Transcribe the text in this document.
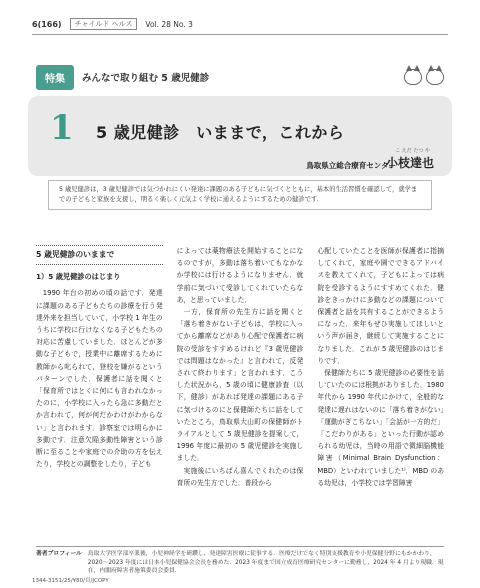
6(166)	チャイルド ヘルス	Vol. 28 No. 3
特集	みんなで取り組む 5 歳児健診
1 5 歳児健診　いままで，これから
こ えだ たつ や
鳥取県立総合療育センター
小枝達也
5 歳児健診は，3 歳児健診では気づかれにくい発達に課題のある子どもに気づくとともに，基本的生活習慣を確認して，就学までの子どもと家族を支援し，明るく楽しく元気よく学校に通えるようにするための健診です．
5 歳児健診のいままで
1）5 歳児健診のはじまり

1990 年台の初めの頃の話です．発達に課題のある子どもたちの診療を行う発達外来を担当していて，小学校 1 年生のうちに学校に行けなくなる子どもたちの対応に苦慮していました．ほとんどが多動な子どもで，授業中に離席するために教師から叱られて，登校を嫌がるというパターンでした．保護者に話を聞くと「保育所ではとくに何にも言われなかったのに，小学校に入ったら急に多動だとか言われて，何が何だかわけがわからない」と言われます．診察室では明らかに多動です．注意欠陥多動性障害という診断に至ることや家庭での介助の方を伝えたり，学校との調整をしたり，子ども

によっては薬物療法を開始することになるのですが，多動は落ち着いてもなかなか学校には行けるようになりません．就学前に気づいて受診してくれていたらなあ，と思っていました．

一方，保育所の先生方に話を聞くと「落ち着きがない子どもは，学校に入ってから離席などがあり心配で保護者に病院の受診をすすめるけれど『3 歳児健診では問題はなかった』と言われて，反発されて終わります」と言われます．こうした状況から，5 歳の頃に健康診査（以下，健診）があれば発達の課題にある子に気づけるのにと保健師たちに話をしていたところ，鳥取県大山町の保健師がトライアルとして 5 歳児健診を提案して，1996 年度に最初の 5 歳児健診を実施しました．

実施後にいちばん喜んでくれたのは保育所の先生方でした．普段から

心配していたことを医師が保護者に指摘してくれて，家庭や園でできるアドバイスを教えてくれて，子どもによっては病院を受診するようにすすめてくれた．健診をきっかけに多動などの課題について保護者と話を共有することができるようになった．来年もぜひ実施してほしいという声が届き，継続して実施することになりました．これが 5 歳児健診のはじまりです．

保健師たちに 5 歳児健診の必要性を話していたのには根拠がありました．1980 年代から 1990 年代にかけて，全般的な発達に遅れはないのに「落ち着きがない」「運動がぎこちない」「会話が一方的だ」「こだわりがある」といった行動が認められる幼児は，当時の用語で微細脳機能障害（Minimal Brain Dysfunction：MBD）といわれていました¹⁾．MBD のある幼児は，小学校では学習障害

著者プロフィール 鳥取大学医学部卒業後，小児神経学を研鑽し，発達障害医療に従事する．医療だけでなく特別支援教育や小児保健分野にもかかわり，2020〜2023 年度には日本小児保健協会会長を務めた．2023 年度まで国立成育医療研究センターに勤務し，2024 年 4 月より現職．現在，内閣府障害者施策委員会委員．
1344-3151/25/¥80/頁/JCOPY
